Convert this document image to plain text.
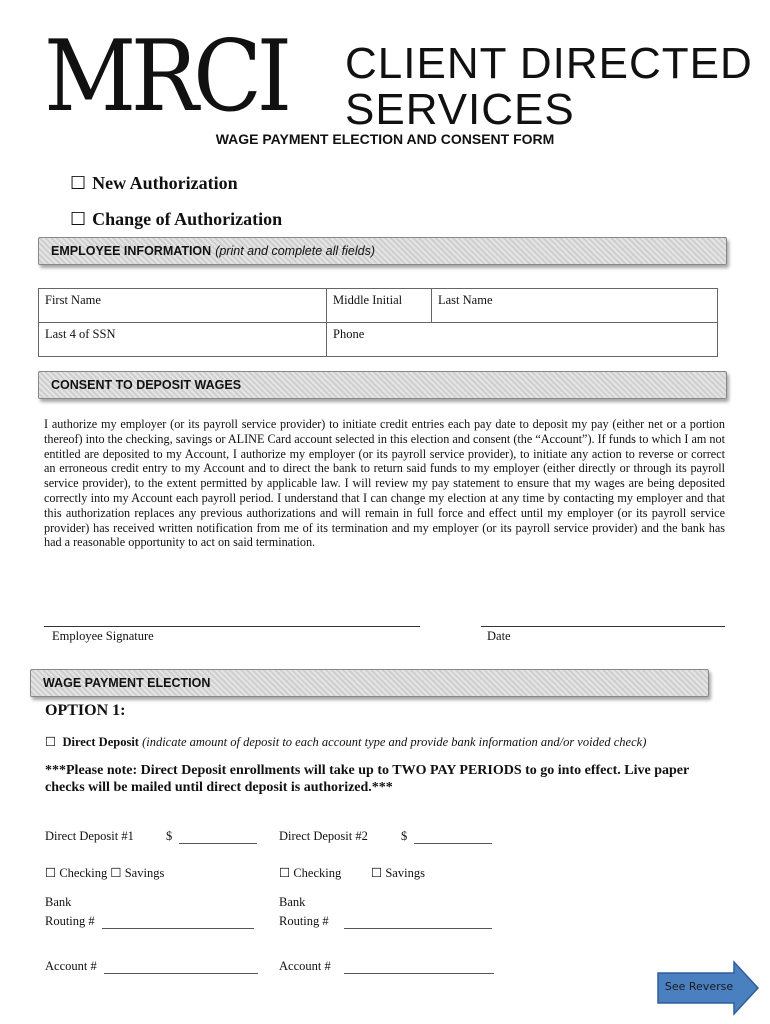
MRCI CLIENT DIRECTED
SERVICES
WAGE PAYMENT ELECTION AND CONSENT FORM
☐ New Authorization
☐ Change of Authorization
EMPLOYEE INFORMATION (print and complete all fields)
First Name	Middle Initial	Last Name
Last 4 of SSN	Phone	
CONSENT TO DEPOSIT WAGES
I authorize my employer (or its payroll service provider) to initiate credit entries each pay date to deposit my pay (either net or a portion thereof) into the checking, savings or ALINE Card account selected in this election and consent (the “Account”). If funds to which I am not entitled are deposited to my Account, I authorize my employer (or its payroll service provider), to initiate any action to reverse or correct an erroneous credit entry to my Account and to direct the bank to return said funds to my employer (either directly or through its payroll service provider), to the extent permitted by applicable law. I will review my pay statement to ensure that my wages are being deposited correctly into my Account each payroll period. I understand that I can change my election at any time by contacting my employer and that this authorization replaces any previous authorizations and will remain in full force and effect until my employer (or its payroll service provider) has received written notification from me of its termination and my employer (or its payroll service provider) and the bank has had a reasonable opportunity to act on said termination.
Employee Signature	Date
WAGE PAYMENT ELECTION
OPTION 1:
☐ Direct Deposit (indicate amount of deposit to each account type and provide bank information and/or voided check)
***Please note: Direct Deposit enrollments will take up to TWO PAY PERIODS to go into effect. Live paper checks will be mailed until direct deposit is authorized.***
Direct Deposit #1	$
☐ Checking ☐ Savings
Bank
Routing #
Account #
Direct Deposit #2	$
☐ Checking ☐ Savings
Bank
Routing #
Account #
See Reverse
